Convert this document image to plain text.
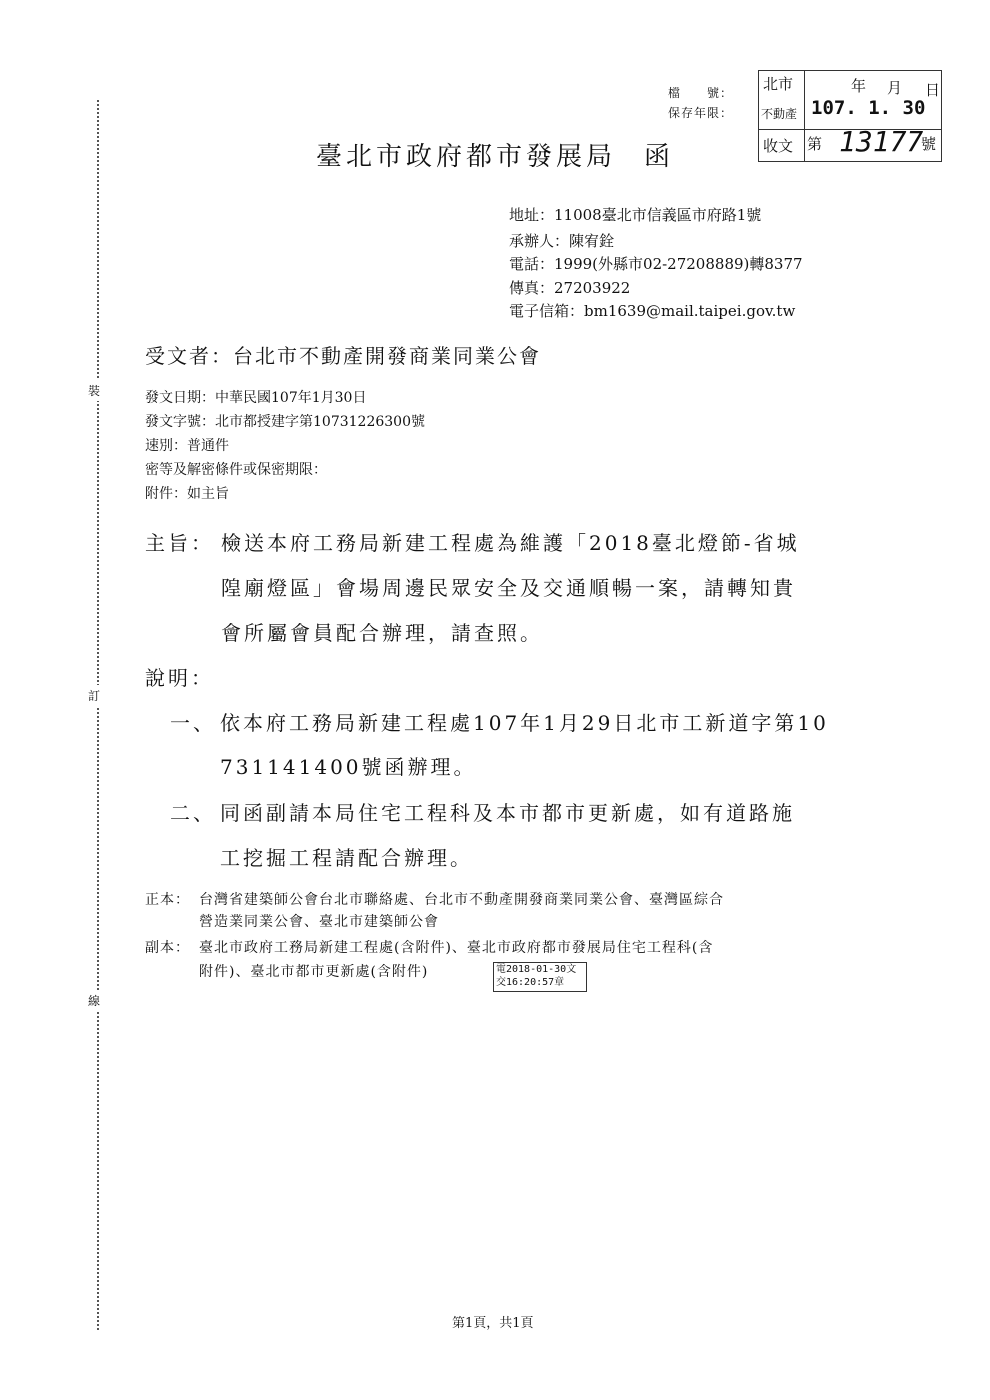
裝
訂
線
檔　　號：
保存年限：
北市
不動產
收文
年 月 日
107. 1. 30
第 13177
號
臺北市政府都市發展局 函
地址：11008臺北市信義區市府路1號
承辦人：陳宥銓
電話：1999(外縣市02-27208889)轉8377
傳真：27203922
電子信箱：bm1639@mail.taipei.gov.tw
受文者：台北市不動產開發商業同業公會
發文日期：中華民國107年1月30日
發文字號：北市都授建字第10731226300號
速別：普通件
密等及解密條件或保密期限：
附件：如主旨
主旨： 檢送本府工務局新建工程處為維護「2018臺北燈節-省城
隍廟燈區」會場周邊民眾安全及交通順暢一案，請轉知貴
會所屬會員配合辦理，請查照。
說明：
一、 依本府工務局新建工程處107年1月29日北市工新道字第10
731141400號函辦理。
二、 同函副請本局住宅工程科及本市都市更新處，如有道路施
工挖掘工程請配合辦理。
正本： 台灣省建築師公會台北市聯絡處、台北市不動產開發商業同業公會、臺灣區綜合
營造業同業公會、臺北市建築師公會
副本： 臺北市政府工務局新建工程處(含附件)、臺北市政府都市發展局住宅工程科(含
附件)、臺北市都市更新處(含附件)	電2018-01-30文
交16:20:57章
第1頁，共1頁
